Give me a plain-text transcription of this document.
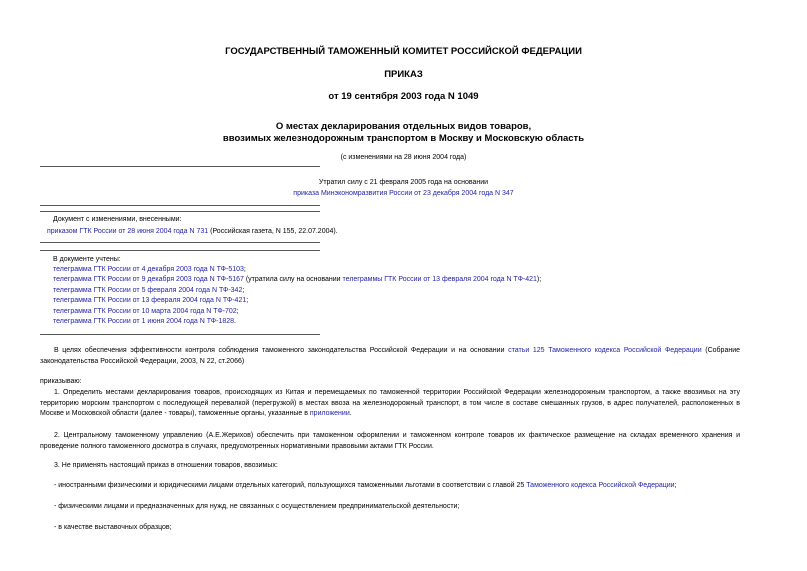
ГОСУДАРСТВЕННЫЙ ТАМОЖЕННЫЙ КОМИТЕТ РОССИЙСКОЙ ФЕДЕРАЦИИ
ПРИКАЗ
от 19 сентября 2003 года N 1049
О местах декларирования отдельных видов товаров,
ввозимых железнодорожным транспортом в Москву и Московскую область
(с изменениями на 28 июня 2004 года)
Утратил силу с 21 февраля 2005 года на основании
приказа Минэкономразвития России от 23 декабря 2004 года N 347
Документ с изменениями, внесенными:
приказом ГТК России от 28 июня 2004 года N 731 (Российская газета, N 155, 22.07.2004).
В документе учтены:
телеграмма ГТК России от 4 декабря 2003 года N ТФ-5103;
телеграмма ГТК России от 9 декабря 2003 года N ТФ-5167 (утратила силу на основании телеграммы ГТК России от 13 февраля 2004 года N ТФ-421);
телеграмма ГТК России от 5 февраля 2004 года N ТФ-342;
телеграмма ГТК России от 13 февраля 2004 года N ТФ-421;
телеграмма ГТК России от 10 марта 2004 года N ТФ-702;
телеграмма ГТК России от 1 июня 2004 года N ТФ-1828.

В целях обеспечения эффективности контроля соблюдения таможенного законодательства Российской Федерации и на основании статьи 125 Таможенного кодекса Российской Федерации (Собрание законодательства Российской Федерации, 2003, N 22, ст.2066)

приказываю:

1. Определить местами декларирования товаров, происходящих из Китая и перемещаемых по таможенной территории Российской Федерации железнодорожным транспортом, а также ввозимых на эту территорию морским транспортом с последующей перевалкой (перегрузкой) в местах ввоза на железнодорожный транспорт, в том числе в составе смешанных грузов, в адрес получателей, расположенных в Москве и Московской области (далее - товары), таможенные органы, указанные в приложении.

2. Центральному таможенному управлению (А.Е.Жерихов) обеспечить при таможенном оформлении и таможенном контроле товаров их фактическое размещение на складах временного хранения и проведение полного таможенного досмотра в случаях, предусмотренных нормативными правовыми актами ГТК России.

3. Не применять настоящий приказ в отношении товаров, ввозимых:

- иностранными физическими и юридическими лицами отдельных категорий, пользующихся таможенными льготами в соответствии с главой 25 Таможенного кодекса Российской Федерации;

- физическими лицами и предназначенных для нужд, не связанных с осуществлением предпринимательской деятельности;

- в качестве выставочных образцов;
